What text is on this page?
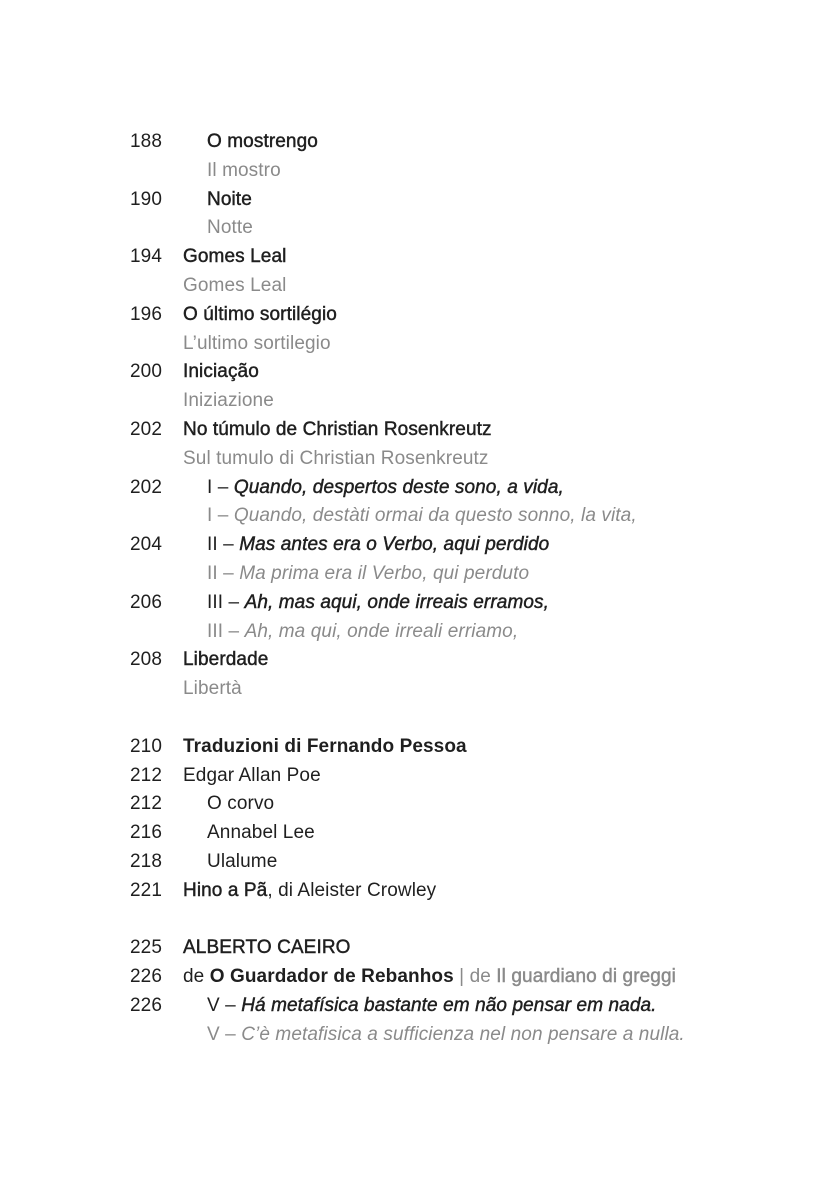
188	O mostrengo
Il mostro
190	Noite
Notte
194	Gomes Leal
Gomes Leal
196	O último sortilégio
L’ultimo sortilegio
200	Iniciação
Iniziazione
202	No túmulo de Christian Rosenkreutz
Sul tumulo di Christian Rosenkreutz
202	I – Quando, despertos deste sono, a vida,
I – Quando, destàti ormai da questo sonno, la vita,
204	II – Mas antes era o Verbo, aqui perdido
II – Ma prima era il Verbo, qui perduto
206	III – Ah, mas aqui, onde irreais erramos,
III – Ah, ma qui, onde irreali erriamo,
208	Liberdade
Libertà
210	Traduzioni di Fernando Pessoa
212	Edgar Allan Poe
212	O corvo
216	Annabel Lee
218	Ulalume
221	Hino a Pã, di Aleister Crowley
225	ALBERTO CAEIRO
226	de O Guardador de Rebanhos | de Il guardiano di greggi
226	V – Há metafísica bastante em não pensar em nada.
V – C’è metafisica a sufficienza nel non pensare a nulla.
